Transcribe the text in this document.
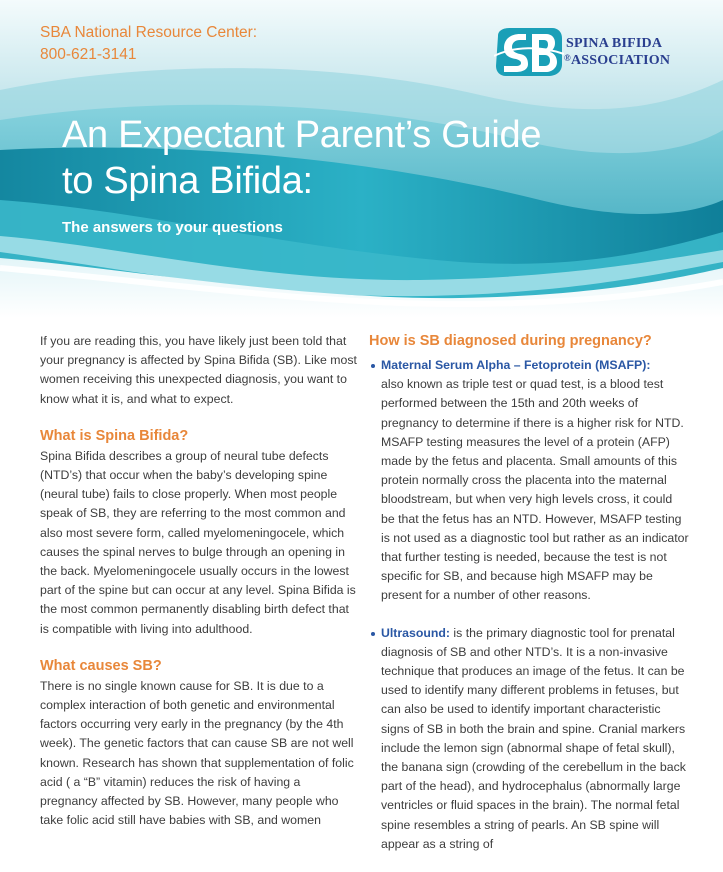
SBA National Resource Center:
800-621-3141
SPINA BIFIDA
®ASSOCIATION
An Expectant Parent’s Guide
to Spina Bifida:
The answers to your questions

If you are reading this, you have likely just been told that your pregnancy is affected by Spina Bifida (SB). Like most women receiving this unexpected diagnosis, you want to know what it is, and what to expect.

What is Spina Bifida?

Spina Bifida describes a group of neural tube defects (NTD’s) that occur when the baby’s developing spine (neural tube) fails to close properly. When most people speak of SB, they are referring to the most common and also most severe form, called myelomeningocele, which causes the spinal nerves to bulge through an opening in the back. Myelomeningocele usually occurs in the lowest part of the spine but can occur at any level. Spina Bifida is the most common permanently disabling birth defect that is compatible with living into adulthood.

What causes SB?

There is no single known cause for SB. It is due to a complex interaction of both genetic and environmental factors occurring very early in the pregnancy (by the 4th week). The genetic factors that can cause SB are not well known. Research has shown that supplementation of folic acid ( a “B” vitamin) reduces the risk of having a pregnancy affected by SB. However, many people who take folic acid still have babies with SB, and women

How is SB diagnosed during pregnancy?
Maternal Serum Alpha – Fetoprotein (MSAFP):
also known as triple test or quad test, is a blood test performed between the 15th and 20th weeks of pregnancy to determine if there is a higher risk for NTD. MSAFP testing measures the level of a protein (AFP) made by the fetus and placenta. Small amounts of this protein normally cross the placenta into the maternal bloodstream, but when very high levels cross, it could be that the fetus has an NTD. However, MSAFP testing is not used as a diagnostic tool but rather as an indicator that further testing is needed, because the test is not specific for SB, and because high MSAFP may be present for a number of other reasons.
Ultrasound: is the primary diagnostic tool for prenatal diagnosis of SB and other NTD’s. It is a non-invasive technique that produces an image of the fetus. It can be used to identify many different problems in fetuses, but can also be used to identify important characteristic signs of SB in both the brain and spine. Cranial markers include the lemon sign (abnormal shape of fetal skull), the banana sign (crowding of the cerebellum in the back part of the head), and hydrocephalus (abnormally large ventricles or fluid spaces in the brain). The normal fetal spine resembles a string of pearls. An SB spine will appear as a string of
